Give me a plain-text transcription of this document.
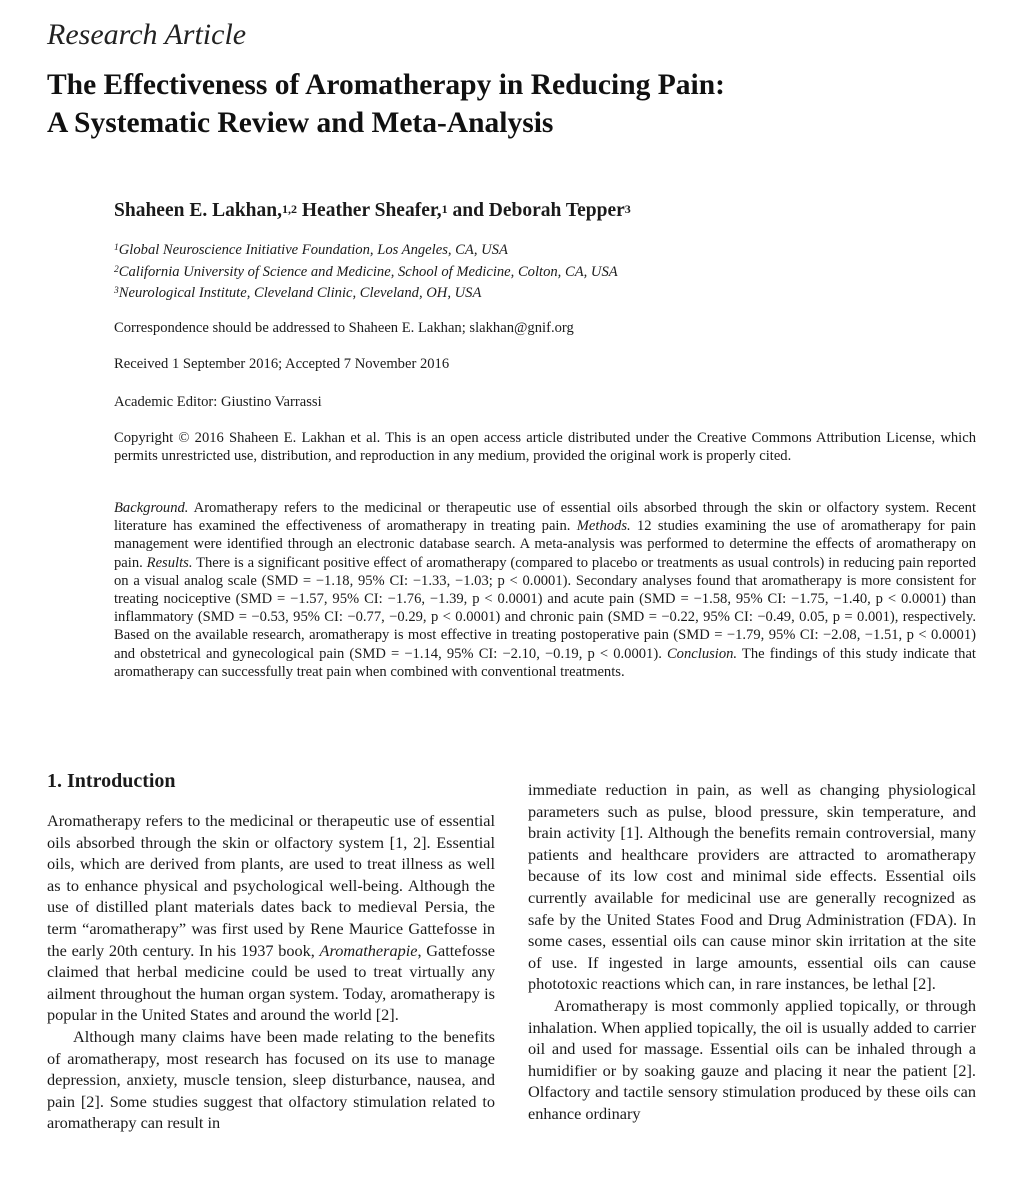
Research Article
The Effectiveness of Aromatherapy in Reducing Pain:
A Systematic Review and Meta-Analysis
Shaheen E. Lakhan,$^{1,2}$ Heather Sheafer,$^1$ and Deborah Tepper$^3$
$^1$Global Neuroscience Initiative Foundation, Los Angeles, CA, USA
$^2$California University of Science and Medicine, School of Medicine, Colton, CA, USA
$^3$Neurological Institute, Cleveland Clinic, Cleveland, OH, USA
Correspondence should be addressed to Shaheen E. Lakhan; slakhan@gnif.org
Received 1 September 2016; Accepted 7 November 2016
Academic Editor: Giustino Varrassi
Copyright © 2016 Shaheen E. Lakhan et al. This is an open access article distributed under the Creative Commons Attribution License, which permits unrestricted use, distribution, and reproduction in any medium, provided the original work is properly cited.
Background. Aromatherapy refers to the medicinal or therapeutic use of essential oils absorbed through the skin or olfactory system. Recent literature has examined the effectiveness of aromatherapy in treating pain. Methods. 12 studies examining the use of aromatherapy for pain management were identified through an electronic database search. A meta-analysis was performed to determine the effects of aromatherapy on pain. Results. There is a significant positive effect of aromatherapy (compared to placebo or treatments as usual controls) in reducing pain reported on a visual analog scale (SMD = −1.18, 95% CI: −1.33, −1.03; p < 0.0001). Secondary analyses found that aromatherapy is more consistent for treating nociceptive (SMD = −1.57, 95% CI: −1.76, −1.39, p < 0.0001) and acute pain (SMD = −1.58, 95% CI: −1.75, −1.40, p < 0.0001) than inflammatory (SMD = −0.53, 95% CI: −0.77, −0.29, p < 0.0001) and chronic pain (SMD = −0.22, 95% CI: −0.49, 0.05, p = 0.001), respectively. Based on the available research, aromatherapy is most effective in treating postoperative pain (SMD = −1.79, 95% CI: −2.08, −1.51, p < 0.0001) and obstetrical and gynecological pain (SMD = −1.14, 95% CI: −2.10, −0.19, p < 0.0001). Conclusion. The findings of this study indicate that aromatherapy can successfully treat pain when combined with conventional treatments.
1. Introduction

Aromatherapy refers to the medicinal or therapeutic use of essential oils absorbed through the skin or olfactory system [1, 2]. Essential oils, which are derived from plants, are used to treat illness as well as to enhance physical and psychological well-being. Although the use of distilled plant materials dates back to medieval Persia, the term “aromatherapy” was first used by Rene Maurice Gattefosse in the early 20th century. In his 1937 book, Aromatherapie, Gattefosse claimed that herbal medicine could be used to treat virtually any ailment throughout the human organ system. Today, aromatherapy is popular in the United States and around the world [2].

Although many claims have been made relating to the benefits of aromatherapy, most research has focused on its use to manage depression, anxiety, muscle tension, sleep disturbance, nausea, and pain [2]. Some studies suggest that olfactory stimulation related to aromatherapy can result in

immediate reduction in pain, as well as changing physiological parameters such as pulse, blood pressure, skin temperature, and brain activity [1]. Although the benefits remain controversial, many patients and healthcare providers are attracted to aromatherapy because of its low cost and minimal side effects. Essential oils currently available for medicinal use are generally recognized as safe by the United States Food and Drug Administration (FDA). In some cases, essential oils can cause minor skin irritation at the site of use. If ingested in large amounts, essential oils can cause phototoxic reactions which can, in rare instances, be lethal [2].

Aromatherapy is most commonly applied topically, or through inhalation. When applied topically, the oil is usually added to carrier oil and used for massage. Essential oils can be inhaled through a humidifier or by soaking gauze and placing it near the patient [2]. Olfactory and tactile sensory stimulation produced by these oils can enhance ordinary
